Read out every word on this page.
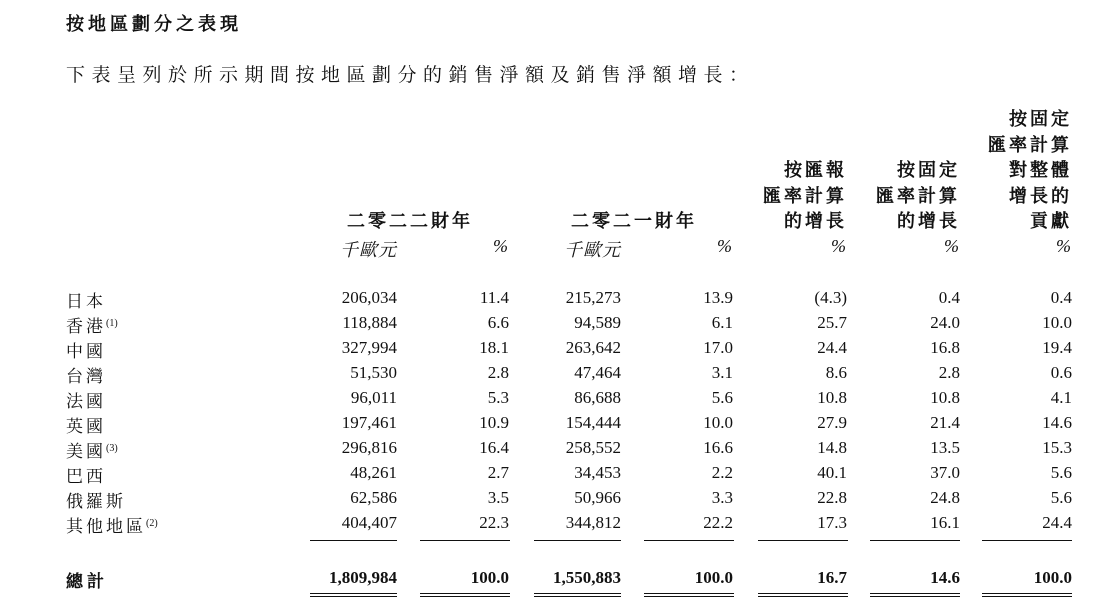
按地區劃分之表現
下表呈列於所示期間按地區劃分的銷售淨額及銷售淨額增長：
二零二二財年	二零二一財年
按匯報
匯率計算
的增長
按固定
匯率計算
的增長
按固定
匯率計算
對整體
增長的
貢獻
千歐元	%	千歐元	%	%	%	%
日本	206,034	11.4	215,273	13.9	(4.3)	0.4	0.4
香港$^{(1)}$	118,884	6.6	94,589	6.1	25.7	24.0	10.0
中國	327,994	18.1	263,642	17.0	24.4	16.8	19.4
台灣	51,530	2.8	47,464	3.1	8.6	2.8	0.6
法國	96,011	5.3	86,688	5.6	10.8	10.8	4.1
英國	197,461	10.9	154,444	10.0	27.9	21.4	14.6
美國$^{(3)}$	296,816	16.4	258,552	16.6	14.8	13.5	15.3
巴西	48,261	2.7	34,453	2.2	40.1	37.0	5.6
俄羅斯	62,586	3.5	50,966	3.3	22.8	24.8	5.6
其他地區$^{(2)}$	404,407	22.3	344,812	22.2	17.3	16.1	24.4
總計	1,809,984	100.0	1,550,883	100.0	16.7	14.6	100.0
